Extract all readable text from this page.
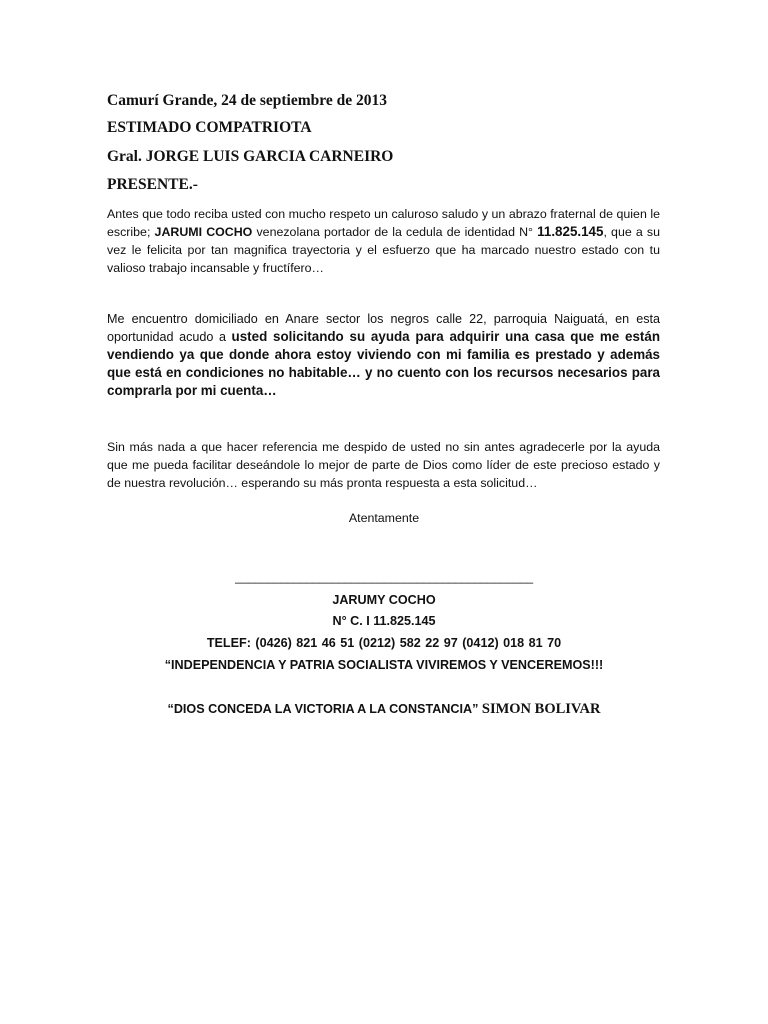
Camurí Grande, 24 de septiembre de 2013
ESTIMADO COMPATRIOTA
Gral. JORGE LUIS GARCIA CARNEIRO
PRESENTE.-
Antes que todo reciba usted con mucho respeto un caluroso saludo y un abrazo fraternal de quien le escribe; JARUMI COCHO venezolana portador de la cedula de identidad N° 11.825.145, que a su vez le felicita por tan magnifica trayectoria y el esfuerzo que ha marcado nuestro estado con tu valioso trabajo incansable y fructífero…
Me encuentro domiciliado en Anare sector los negros calle 22, parroquia Naiguatá, en esta oportunidad acudo a usted solicitando su ayuda para adquirir una casa que me están vendiendo ya que donde ahora estoy viviendo con mi familia es prestado y además que está en condiciones no habitable… y no cuento con los recursos necesarios para comprarla por mi cuenta…
Sin más nada a que hacer referencia me despido de usted no sin antes agradecerle por la ayuda que me pueda facilitar deseándole lo mejor de parte de Dios como líder de este precioso estado y de nuestra revolución… esperando su más pronta respuesta a esta solicitud…
Atentamente
______________________________________________
JARUMY COCHO
N° C. I 11.825.145
TELEF: (0426) 821 46 51 (0212) 582 22 97 (0412) 018 81 70
“INDEPENDENCIA Y PATRIA SOCIALISTA VIVIREMOS Y VENCEREMOS!!!
“DIOS CONCEDA LA VICTORIA A LA CONSTANCIA” SIMON BOLIVAR
